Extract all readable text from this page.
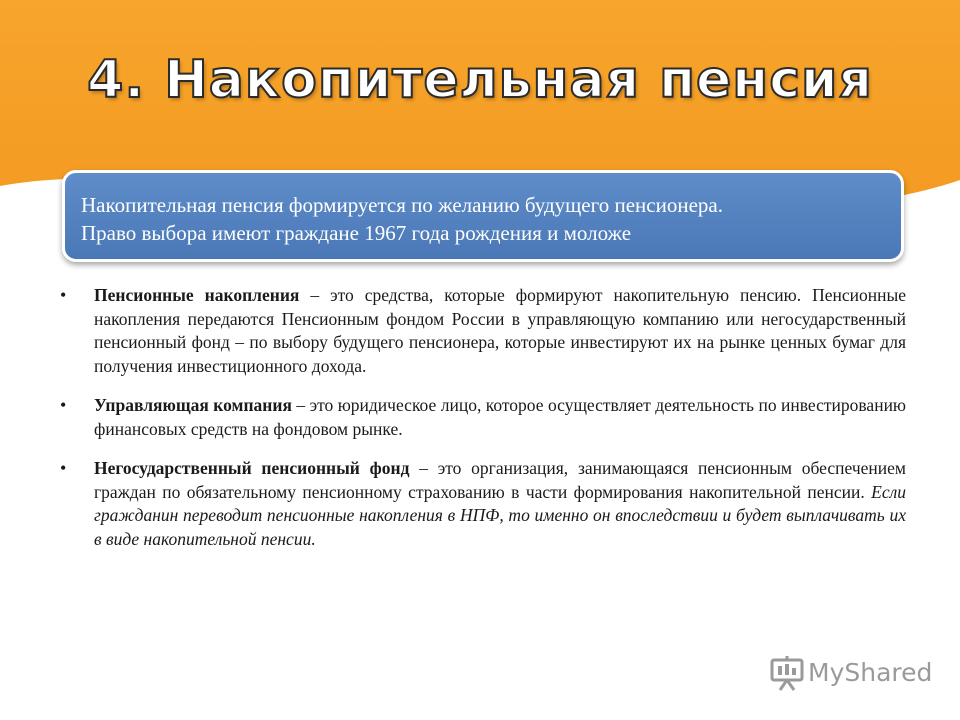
4. Накопительная пенсия
Накопительная пенсия формируется по желанию будущего пенсионера.
Право выбора имеют граждане 1967 года рождения и моложе
• Пенсионные накопления – это средства, которые формируют накопительную пенсию. Пенсионные накопления передаются Пенсионным фондом России в управляющую компанию или негосударственный пенсионный фонд – по выбору будущего пенсионера, которые инвестируют их на рынке ценных бумаг для получения инвестиционного дохода.
• Управляющая компания – это юридическое лицо, которое осуществляет деятельность по инвестированию финансовых средств на фондовом рынке.
• Негосударственный пенсионный фонд – это организация, занимающаяся пенсионным обеспечением граждан по обязательному пенсионному страхованию в части формирования накопительной пенсии. Если гражданин переводит пенсионные накопления в НПФ, то именно он впоследствии и будет выплачивать их в виде накопительной пенсии.
MyShared
